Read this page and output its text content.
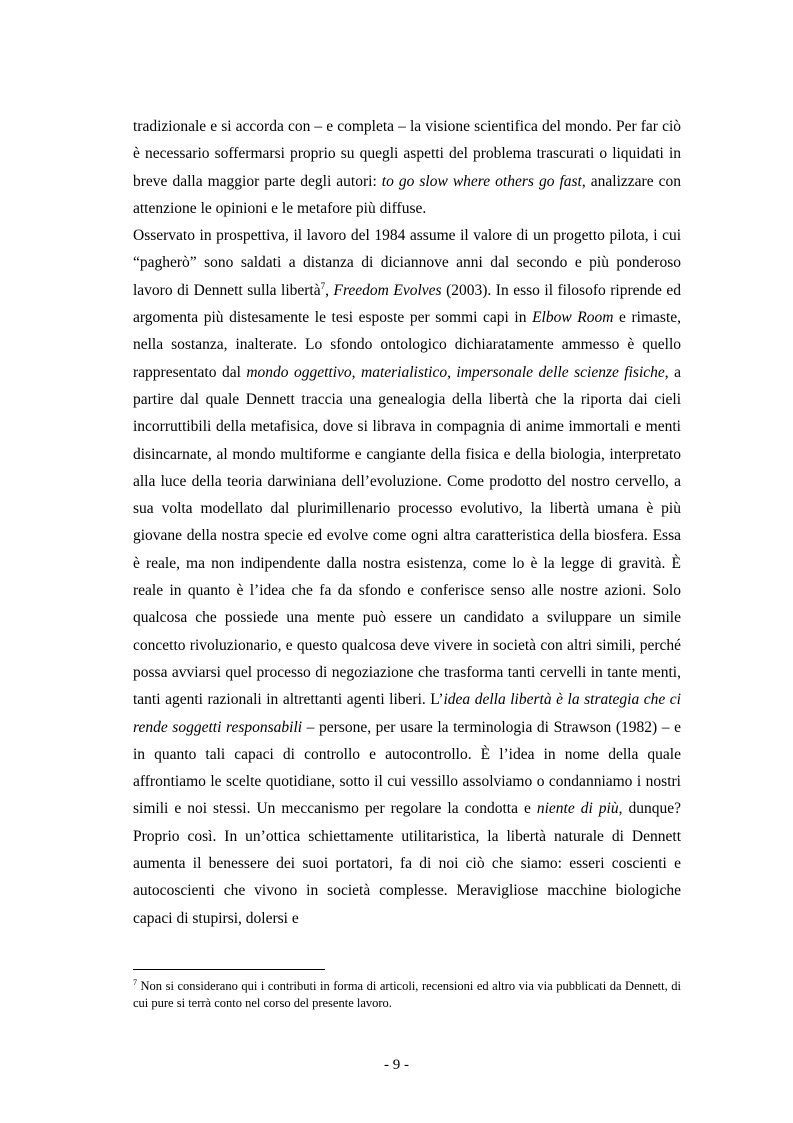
tradizionale e si accorda con – e completa – la visione scientifica del mondo. Per far ciò è necessario soffermarsi proprio su quegli aspetti del problema trascurati o liquidati in breve dalla maggior parte degli autori: to go slow where others go fast, analizzare con attenzione le opinioni e le metafore più diffuse.

Osservato in prospettiva, il lavoro del 1984 assume il valore di un progetto pilota, i cui “pagherò” sono saldati a distanza di diciannove anni dal secondo e più ponderoso lavoro di Dennett sulla libertà$^7$, Freedom Evolves (2003). In esso il filosofo riprende ed argomenta più distesamente le tesi esposte per sommi capi in Elbow Room e rimaste, nella sostanza, inalterate. Lo sfondo ontologico dichiaratamente ammesso è quello rappresentato dal mondo oggettivo, materialistico, impersonale delle scienze fisiche, a partire dal quale Dennett traccia una genealogia della libertà che la riporta dai cieli incorruttibili della metafisica, dove si librava in compagnia di anime immortali e menti disincarnate, al mondo multiforme e cangiante della fisica e della biologia, interpretato alla luce della teoria darwiniana dell’evoluzione. Come prodotto del nostro cervello, a sua volta modellato dal plurimillenario processo evolutivo, la libertà umana è più giovane della nostra specie ed evolve come ogni altra caratteristica della biosfera. Essa è reale, ma non indipendente dalla nostra esistenza, come lo è la legge di gravità. È reale in quanto è l’idea che fa da sfondo e conferisce senso alle nostre azioni. Solo qualcosa che possiede una mente può essere un candidato a sviluppare un simile concetto rivoluzionario, e questo qualcosa deve vivere in società con altri simili, perché possa avviarsi quel processo di negoziazione che trasforma tanti cervelli in tante menti, tanti agenti razionali in altrettanti agenti liberi. L’idea della libertà è la strategia che ci rende soggetti responsabili – persone, per usare la terminologia di Strawson (1982) – e in quanto tali capaci di controllo e autocontrollo. È l’idea in nome della quale affrontiamo le scelte quotidiane, sotto il cui vessillo assolviamo o condanniamo i nostri simili e noi stessi. Un meccanismo per regolare la condotta e niente di più, dunque? Proprio così. In un’ottica schiettamente utilitaristica, la libertà naturale di Dennett aumenta il benessere dei suoi portatori, fa di noi ciò che siamo: esseri coscienti e autocoscienti che vivono in società complesse. Meravigliose macchine biologiche capaci di stupirsi, dolersi e

$^7$ Non si considerano qui i contributi in forma di articoli, recensioni ed altro via via pubblicati da Dennett, di cui pure si terrà conto nel corso del presente lavoro.
- 9 -
